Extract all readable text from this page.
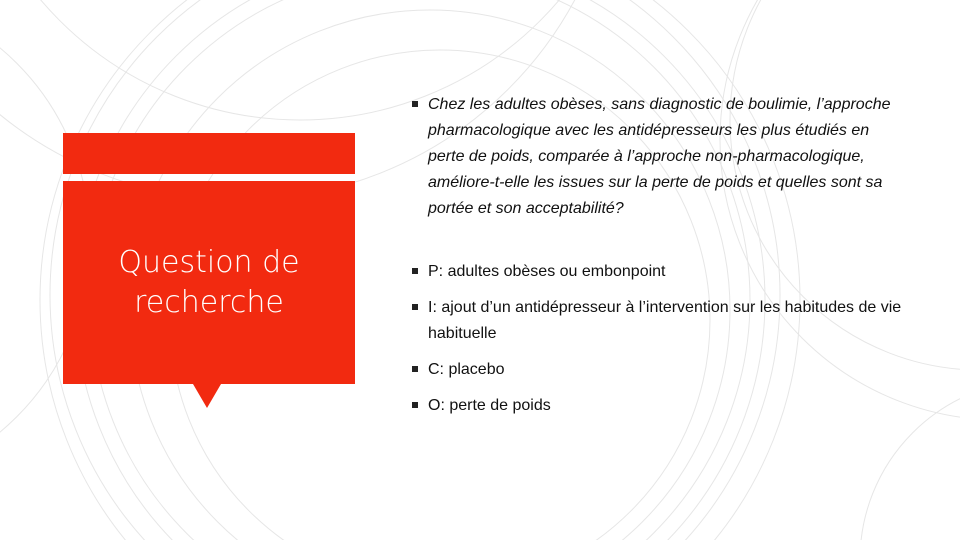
Question de recherche
Chez les adultes obèses, sans diagnostic de boulimie, l’approche pharmacologique avec les antidépresseurs les plus étudiés en perte de poids, comparée à l’approche non-pharmacologique, améliore-t-elle les issues sur la perte de poids et quelles sont sa portée et son acceptabilité?
P: adultes obèses ou embonpoint
I: ajout d’un antidépresseur à l’intervention sur les habitudes de vie habituelle
C: placebo
O: perte de poids
